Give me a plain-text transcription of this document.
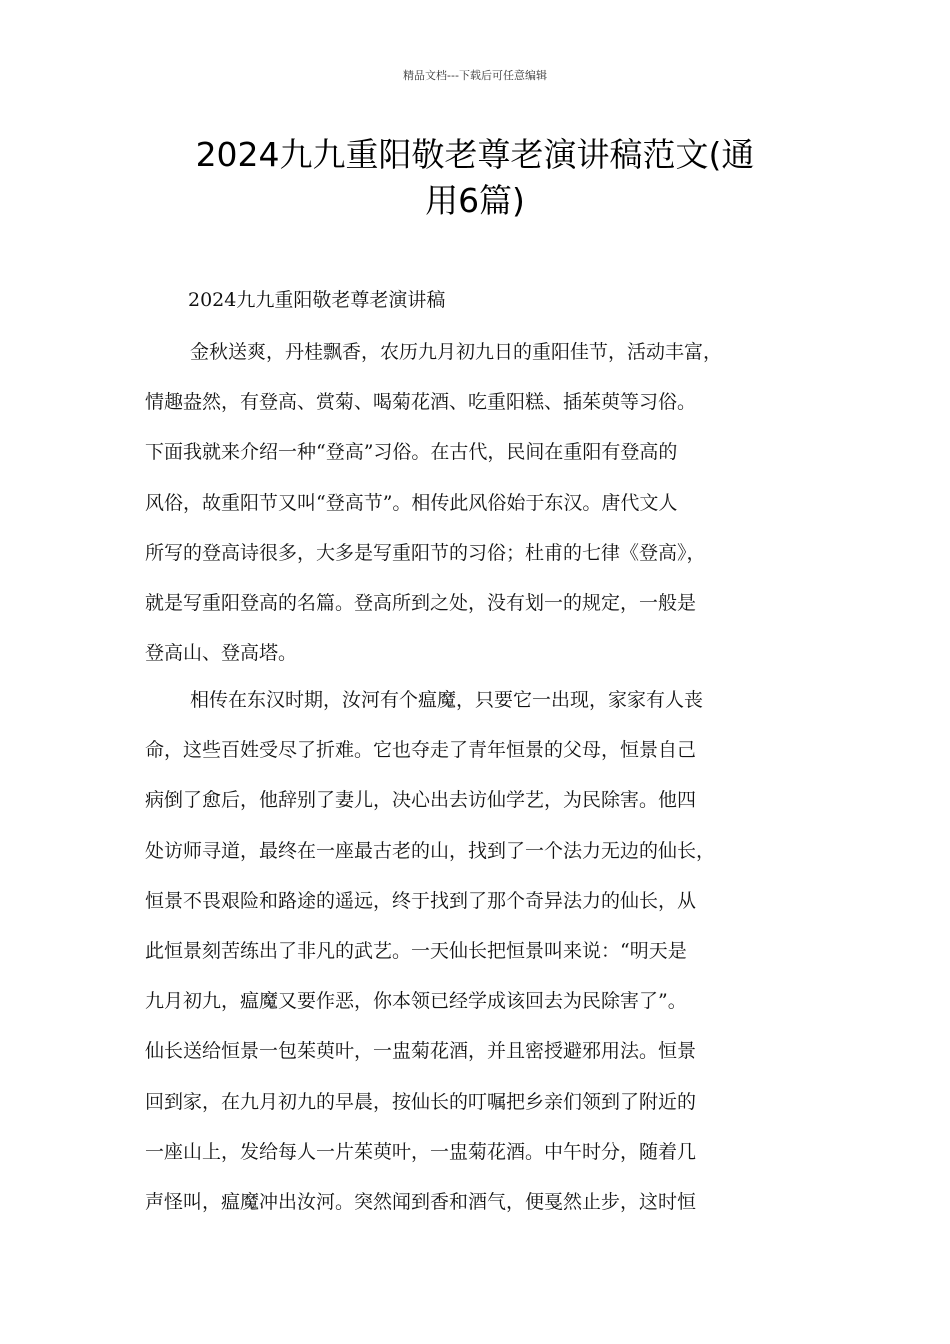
精品文档---下载后可任意编辑
2024九九重阳敬老尊老演讲稿范文(通
用6篇)
2024九九重阳敬老尊老演讲稿
金秋送爽，丹桂飘香，农历九月初九日的重阳佳节，活动丰富，
情趣盎然，有登高、赏菊、喝菊花酒、吃重阳糕、插茱萸等习俗。
下面我就来介绍一种“登高”习俗。在古代，民间在重阳有登高的
风俗，故重阳节又叫“登高节”。相传此风俗始于东汉。唐代文人
所写的登高诗很多，大多是写重阳节的习俗；杜甫的七律《登高》，
就是写重阳登高的名篇。登高所到之处，没有划一的规定，一般是
登高山、登高塔。
相传在东汉时期，汝河有个瘟魔，只要它一出现，家家有人丧
命，这些百姓受尽了折难。它也夺走了青年恒景的父母，恒景自己
病倒了愈后，他辞别了妻儿，决心出去访仙学艺，为民除害。他四
处访师寻道，最终在一座最古老的山，找到了一个法力无边的仙长，
恒景不畏艰险和路途的遥远，终于找到了那个奇异法力的仙长，从
此恒景刻苦练出了非凡的武艺。一天仙长把恒景叫来说：“明天是
九月初九，瘟魔又要作恶，你本领已经学成该回去为民除害了”。
仙长送给恒景一包茱萸叶，一盅菊花酒，并且密授避邪用法。恒景
回到家，在九月初九的早晨，按仙长的叮嘱把乡亲们领到了附近的
一座山上，发给每人一片茱萸叶，一盅菊花酒。中午时分，随着几
声怪叫，瘟魔冲出汝河。突然闻到香和酒气，便戛然止步，这时恒
